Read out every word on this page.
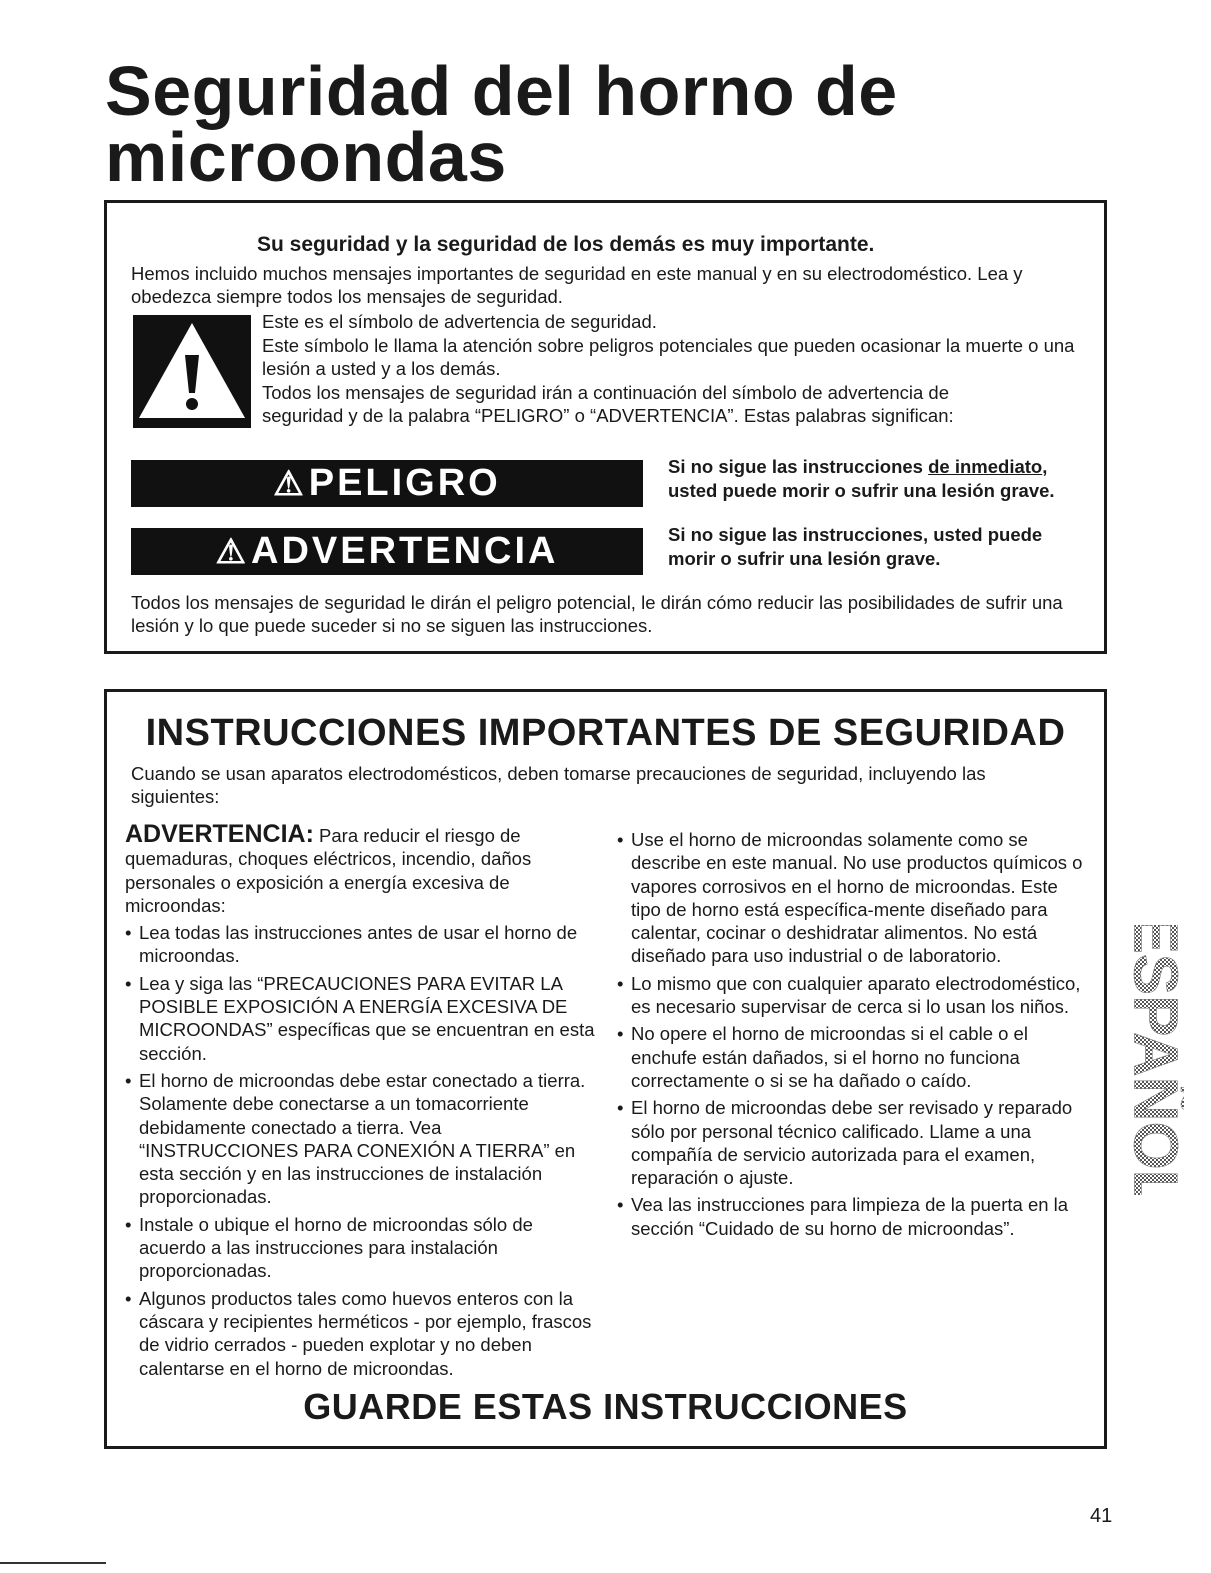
Seguridad del horno de microondas

Su seguridad y la seguridad de los demás es muy importante.

Hemos incluido muchos mensajes importantes de seguridad en este manual y en su electrodoméstico. Lea y obedezca siempre todos los mensajes de seguridad.

Este es el símbolo de advertencia de seguridad.

Este símbolo le llama la atención sobre peligros potenciales que pueden ocasionar la muerte o una lesión a usted y a los demás.

Todos los mensajes de seguridad irán a continuación del símbolo de advertencia de seguridad y de la palabra “PELIGRO” o “ADVERTENCIA”. Estas palabras significan:

⚠PELIGRO	Si no sigue las instrucciones de inmediato, usted puede morir o sufrir una lesión grave.

⚠ADVERTENCIA	Si no sigue las instrucciones, usted puede morir o sufrir una lesión grave.

Todos los mensajes de seguridad le dirán el peligro potencial, le dirán cómo reducir las posibilidades de sufrir una lesión y lo que puede suceder si no se siguen las instrucciones.

INSTRUCCIONES IMPORTANTES DE SEGURIDAD

Cuando se usan aparatos electrodomésticos, deben tomarse precauciones de seguridad, incluyendo las siguientes:

ADVERTENCIA: Para reducir el riesgo de quemaduras, choques eléctricos, incendio, daños personales o exposición a energía excesiva de microondas:

• Lea todas las instrucciones antes de usar el horno de microondas.
• Lea y siga las “PRECAUCIONES PARA EVITAR LA POSIBLE EXPOSICIÓN A ENERGÍA EXCESIVA DE MICROONDAS” específicas que se encuentran en esta sección.
• El horno de microondas debe estar conectado a tierra. Solamente debe conectarse a un tomacorriente debidamente conectado a tierra. Vea “INSTRUCCIONES PARA CONEXIÓN A TIERRA” en esta sección y en las instrucciones de instalación proporcionadas.
• Instale o ubique el horno de microondas sólo de acuerdo a las instrucciones para instalación proporcionadas.
• Algunos productos tales como huevos enteros con la cáscara y recipientes herméticos - por ejemplo, frascos de vidrio cerrados - pueden explotar y no deben calentarse en el horno de microondas.
• Use el horno de microondas solamente como se describe en este manual. No use productos químicos o vapores corrosivos en el horno de microondas. Este tipo de horno está específica-mente diseñado para calentar, cocinar o deshidratar alimentos. No está diseñado para uso industrial o de laboratorio.
• Lo mismo que con cualquier aparato electrodoméstico, es necesario supervisar de cerca si lo usan los niños.
• No opere el horno de microondas si el cable o el enchufe están dañados, si el horno no funciona correctamente o si se ha dañado o caído.
• El horno de microondas debe ser revisado y reparado sólo por personal técnico calificado. Llame a una compañía de servicio autorizada para el examen, reparación o ajuste.
• Vea las instrucciones para limpieza de la puerta en la sección “Cuidado de su horno de microondas”.
GUARDE ESTAS INSTRUCCIONES
ESPAÑOL
41
